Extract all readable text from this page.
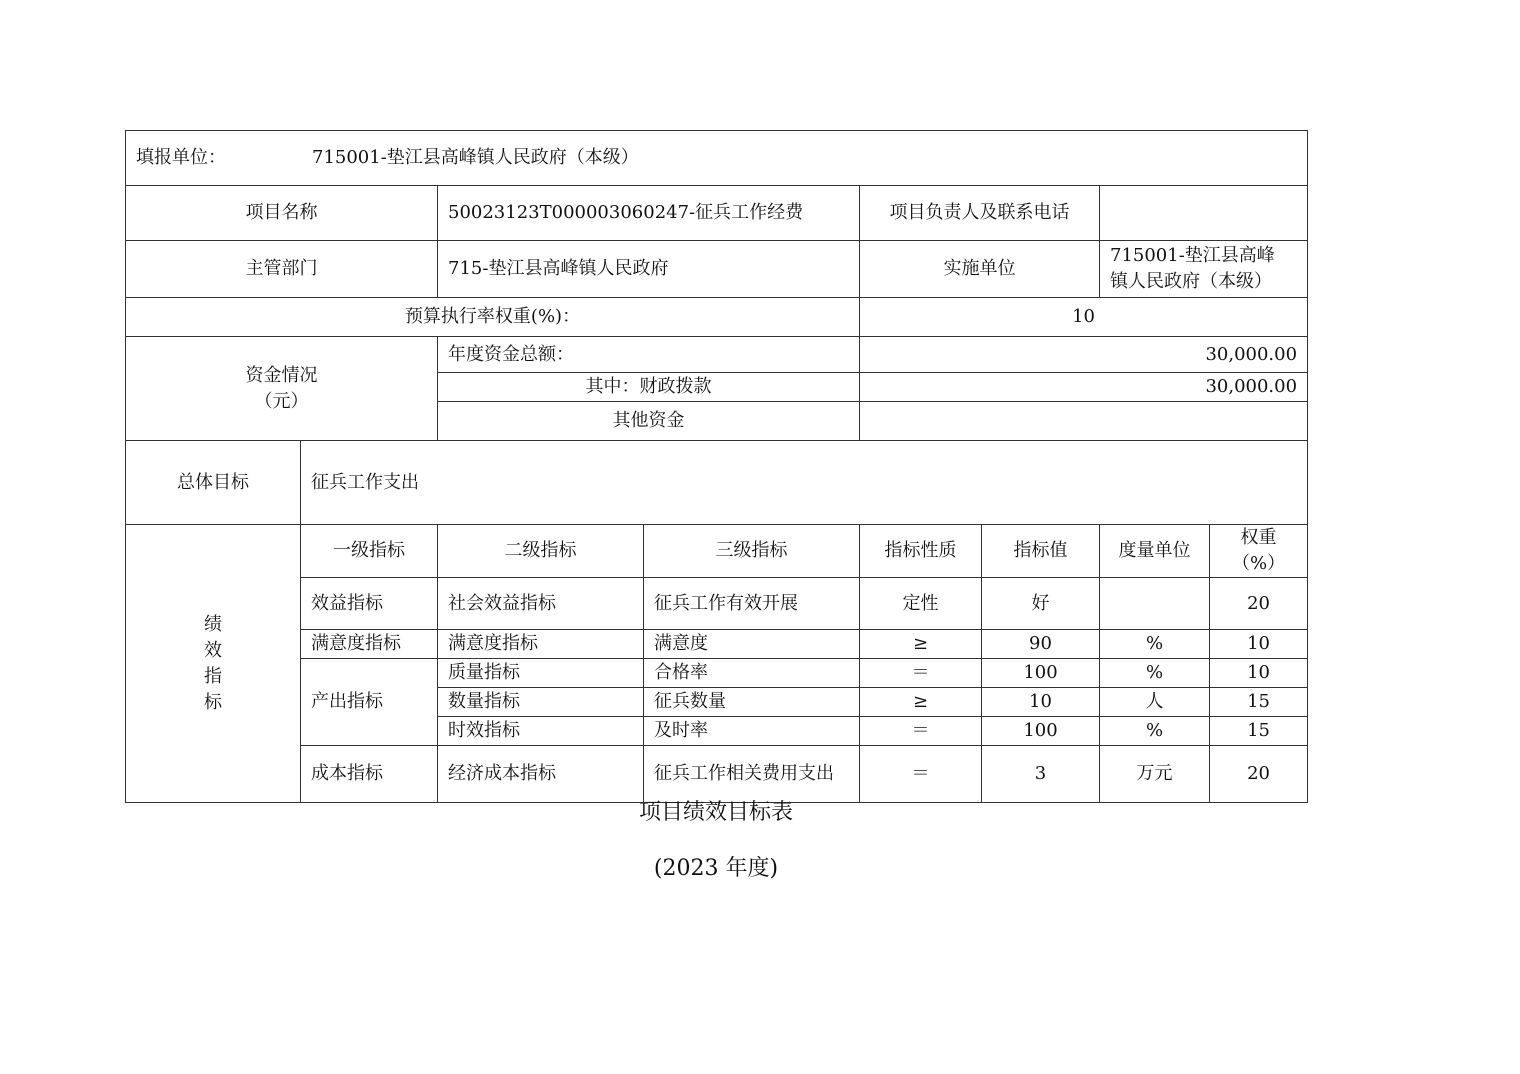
填报单位： 715001-垫江县高峰镇人民政府（本级）							
项目名称		50023123T000003060247-征兵工作经费		项目负责人及联系电话			
主管部门		715-垫江县高峰镇人民政府		实施单位		715001-垫江县高峰
镇人民政府（本级）	

预算执行率权重(%)：				10			

资金情况
（元）		年度资金总额：		30,000.00			
		其中：财政拨款		30,000.00			
		其他资金					
总体目标	征兵工作支出						

绩
效
指
标	一级指标	二级指标	三级指标	指标性质	指标值	度量单位	权重（%）
	效益指标	社会效益指标	征兵工作有效开展	定性	好		20
	满意度指标	满意度指标	满意度	≥	90	%	10
	产出指标	质量指标	合格率	＝	100	%	10
		数量指标	征兵数量	≥	10	人	15
		时效指标	及时率	＝	100	%	15
	成本指标	经济成本指标	征兵工作相关费用支出	＝	3	万元	20
项目绩效目标表
(2023 年度)
